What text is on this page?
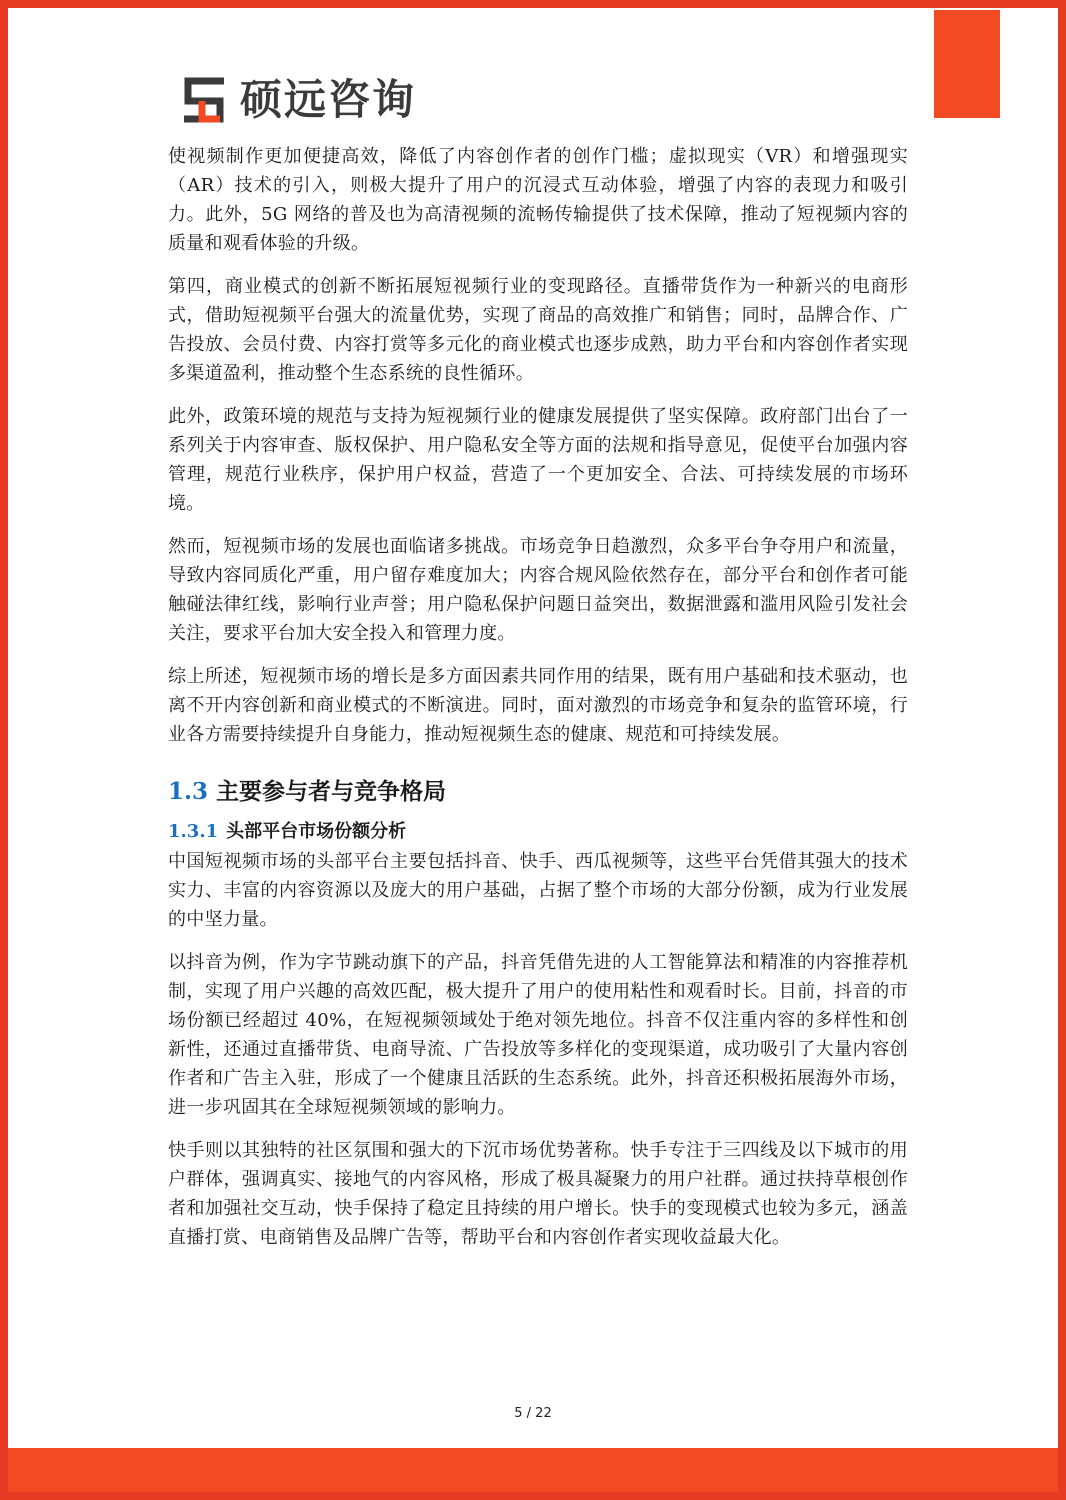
硕远咨询

使视频制作更加便捷高效，降低了内容创作者的创作门槛；虚拟现实（VR）和增强现实（AR）技术的引入，则极大提升了用户的沉浸式互动体验，增强了内容的表现力和吸引力。此外，5G 网络的普及也为高清视频的流畅传输提供了技术保障，推动了短视频内容的质量和观看体验的升级。

第四，商业模式的创新不断拓展短视频行业的变现路径。直播带货作为一种新兴的电商形式，借助短视频平台强大的流量优势，实现了商品的高效推广和销售；同时，品牌合作、广告投放、会员付费、内容打赏等多元化的商业模式也逐步成熟，助力平台和内容创作者实现多渠道盈利，推动整个生态系统的良性循环。

此外，政策环境的规范与支持为短视频行业的健康发展提供了坚实保障。政府部门出台了一系列关于内容审查、版权保护、用户隐私安全等方面的法规和指导意见，促使平台加强内容管理，规范行业秩序，保护用户权益，营造了一个更加安全、合法、可持续发展的市场环境。

然而，短视频市场的发展也面临诸多挑战。市场竞争日趋激烈，众多平台争夺用户和流量，导致内容同质化严重，用户留存难度加大；内容合规风险依然存在，部分平台和创作者可能触碰法律红线，影响行业声誉；用户隐私保护问题日益突出，数据泄露和滥用风险引发社会关注，要求平台加大安全投入和管理力度。

综上所述，短视频市场的增长是多方面因素共同作用的结果，既有用户基础和技术驱动，也离不开内容创新和商业模式的不断演进。同时，面对激烈的市场竞争和复杂的监管环境，行业各方需要持续提升自身能力，推动短视频生态的健康、规范和可持续发展。

1.3 主要参与者与竞争格局
1.3.1 头部平台市场份额分析

中国短视频市场的头部平台主要包括抖音、快手、西瓜视频等，这些平台凭借其强大的技术实力、丰富的内容资源以及庞大的用户基础，占据了整个市场的大部分份额，成为行业发展的中坚力量。

以抖音为例，作为字节跳动旗下的产品，抖音凭借先进的人工智能算法和精准的内容推荐机制，实现了用户兴趣的高效匹配，极大提升了用户的使用粘性和观看时长。目前，抖音的市场份额已经超过 40%，在短视频领域处于绝对领先地位。抖音不仅注重内容的多样性和创新性，还通过直播带货、电商导流、广告投放等多样化的变现渠道，成功吸引了大量内容创作者和广告主入驻，形成了一个健康且活跃的生态系统。此外，抖音还积极拓展海外市场，进一步巩固其在全球短视频领域的影响力。

快手则以其独特的社区氛围和强大的下沉市场优势著称。快手专注于三四线及以下城市的用户群体，强调真实、接地气的内容风格，形成了极具凝聚力的用户社群。通过扶持草根创作者和加强社交互动，快手保持了稳定且持续的用户增长。快手的变现模式也较为多元，涵盖直播打赏、电商销售及品牌广告等，帮助平台和内容创作者实现收益最大化。

5 / 22
